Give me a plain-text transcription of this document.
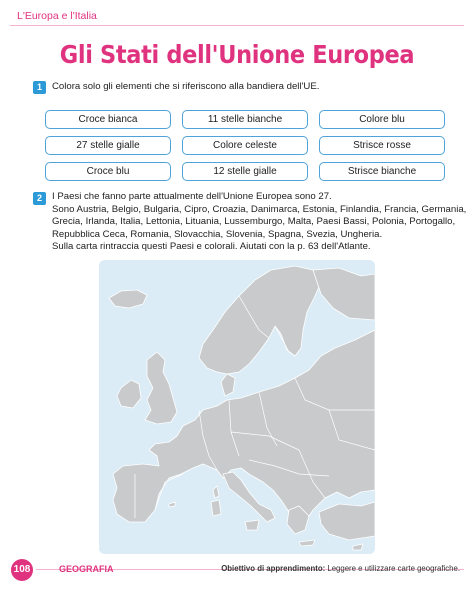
L'Europa e l'Italia
Gli Stati dell'Unione Europea
1	Colora solo gli elementi che si riferiscono alla bandiera dell'UE.
Croce bianca	11 stelle bianche	Colore blu
27 stelle gialle	Colore celeste	Strisce rosse
Croce blu	12 stelle gialle	Strisce bianche
2	I Paesi che fanno parte attualmente dell'Unione Europea sono 27.
Sono Austria, Belgio, Bulgaria, Cipro, Croazia, Danimarca, Estonia, Finlandia, Francia, Germania,
Grecia, Irlanda, Italia, Lettonia, Lituania, Lussemburgo, Malta, Paesi Bassi, Polonia, Portogallo,
Repubblica Ceca, Romania, Slovacchia, Slovenia, Spagna, Svezia, Ungheria.
Sulla carta rintraccia questi Paesi e colorali. Aiutati con la p. 63 dell'Atlante.
108	GEOGRAFIA	Obiettivo di apprendimento: Leggere e utilizzare carte geografiche.
